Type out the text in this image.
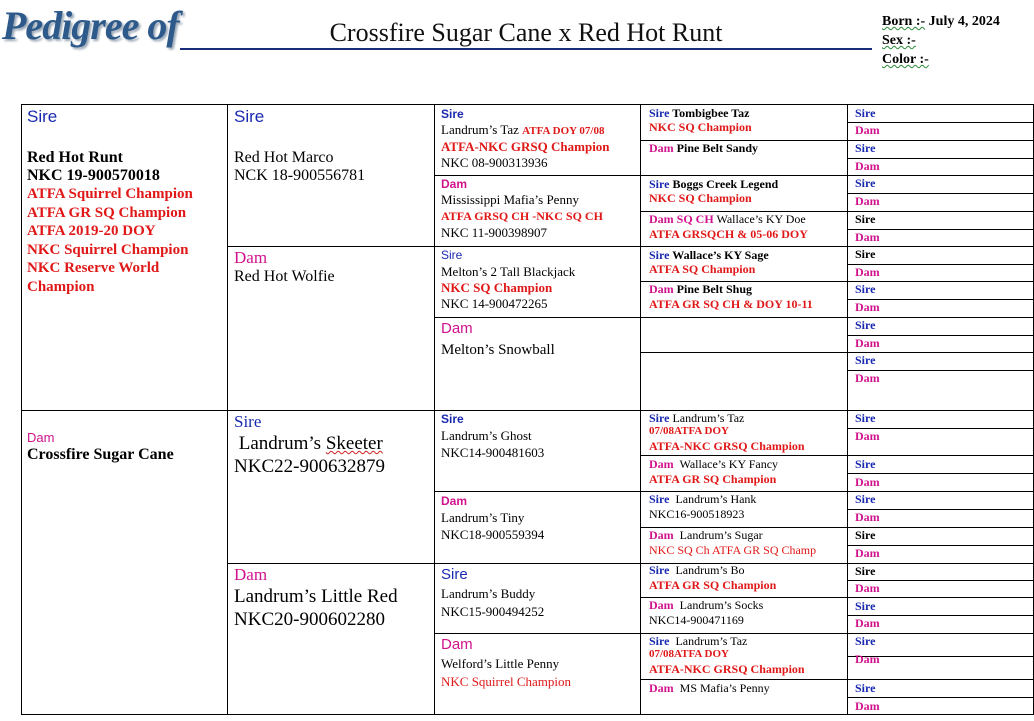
Pedigree of	Crossfire Sugar Cane x Red Hot Runt	Born :- July 4, 2024
Sex :-
Color :-
Sire
Red Hot Runt
NKC 19-900570018
ATFA Squirrel Champion
ATFA GR SQ Champion
ATFA 2019-20 DOY
NKC Squirrel Champion
NKC Reserve World
Champion
Dam
Crossfire Sugar Cane
Sire
Red Hot Marco
NCK 18-900556781
Dam
Red Hot Wolfie
Sire
Landrum’s Skeeter
NKC22-900632879
Dam
Landrum’s Little Red
NKC20-900602280
Sire
Landrum’s Taz ATFA DOY 07/08
ATFA-NKC GRSQ Champion
NKC 08-900313936
Dam
Mississippi Mafia’s Penny
ATFA GRSQ CH -NKC SQ CH
NKC 11-900398907
Sire
Melton’s 2 Tall Blackjack
NKC SQ Champion
NKC 14-900472265
Dam
Melton’s Snowball
Sire
Landrum’s Ghost
NKC14-900481603
Dam
Landrum’s Tiny
NKC18-900559394
Sire
Landrum’s Buddy
NKC15-900494252
Dam
Welford’s Little Penny
NKC Squirrel Champion
Sire Tombigbee Taz
NKC SQ Champion
Dam Pine Belt Sandy
Sire Boggs Creek Legend
NKC SQ Champion
Dam SQ CH Wallace’s KY Doe
ATFA GRSQCH & 05-06 DOY
Sire Wallace’s KY Sage
ATFA SQ Champion
Dam Pine Belt Shug
ATFA GR SQ CH & DOY 10-11
Sire Landrum’s Taz
07/08ATFA DOY
ATFA-NKC GRSQ Champion
Dam Wallace’s KY Fancy
ATFA GR SQ Champion
Sire Landrum’s Hank
NKC16-900518923
Dam Landrum’s Sugar
NKC SQ Ch ATFA GR SQ Champ
Sire Landrum’s Bo
ATFA GR SQ Champion
Dam Landrum’s Socks
NKC14-900471169
Sire Landrum’s Taz
07/08ATFA DOY
ATFA-NKC GRSQ Champion
Dam MS Mafia’s Penny
Sire
Dam
Sire
Dam
Sire
Dam
Sire
Dam
Sire
Dam
Sire
Dam
Sire
Dam
Sire
Dam
Sire
Dam
Sire
Dam
Sire
Dam
Sire
Dam
Sire
Dam
Sire
Dam
Sire
Dam
Sire
Dam
